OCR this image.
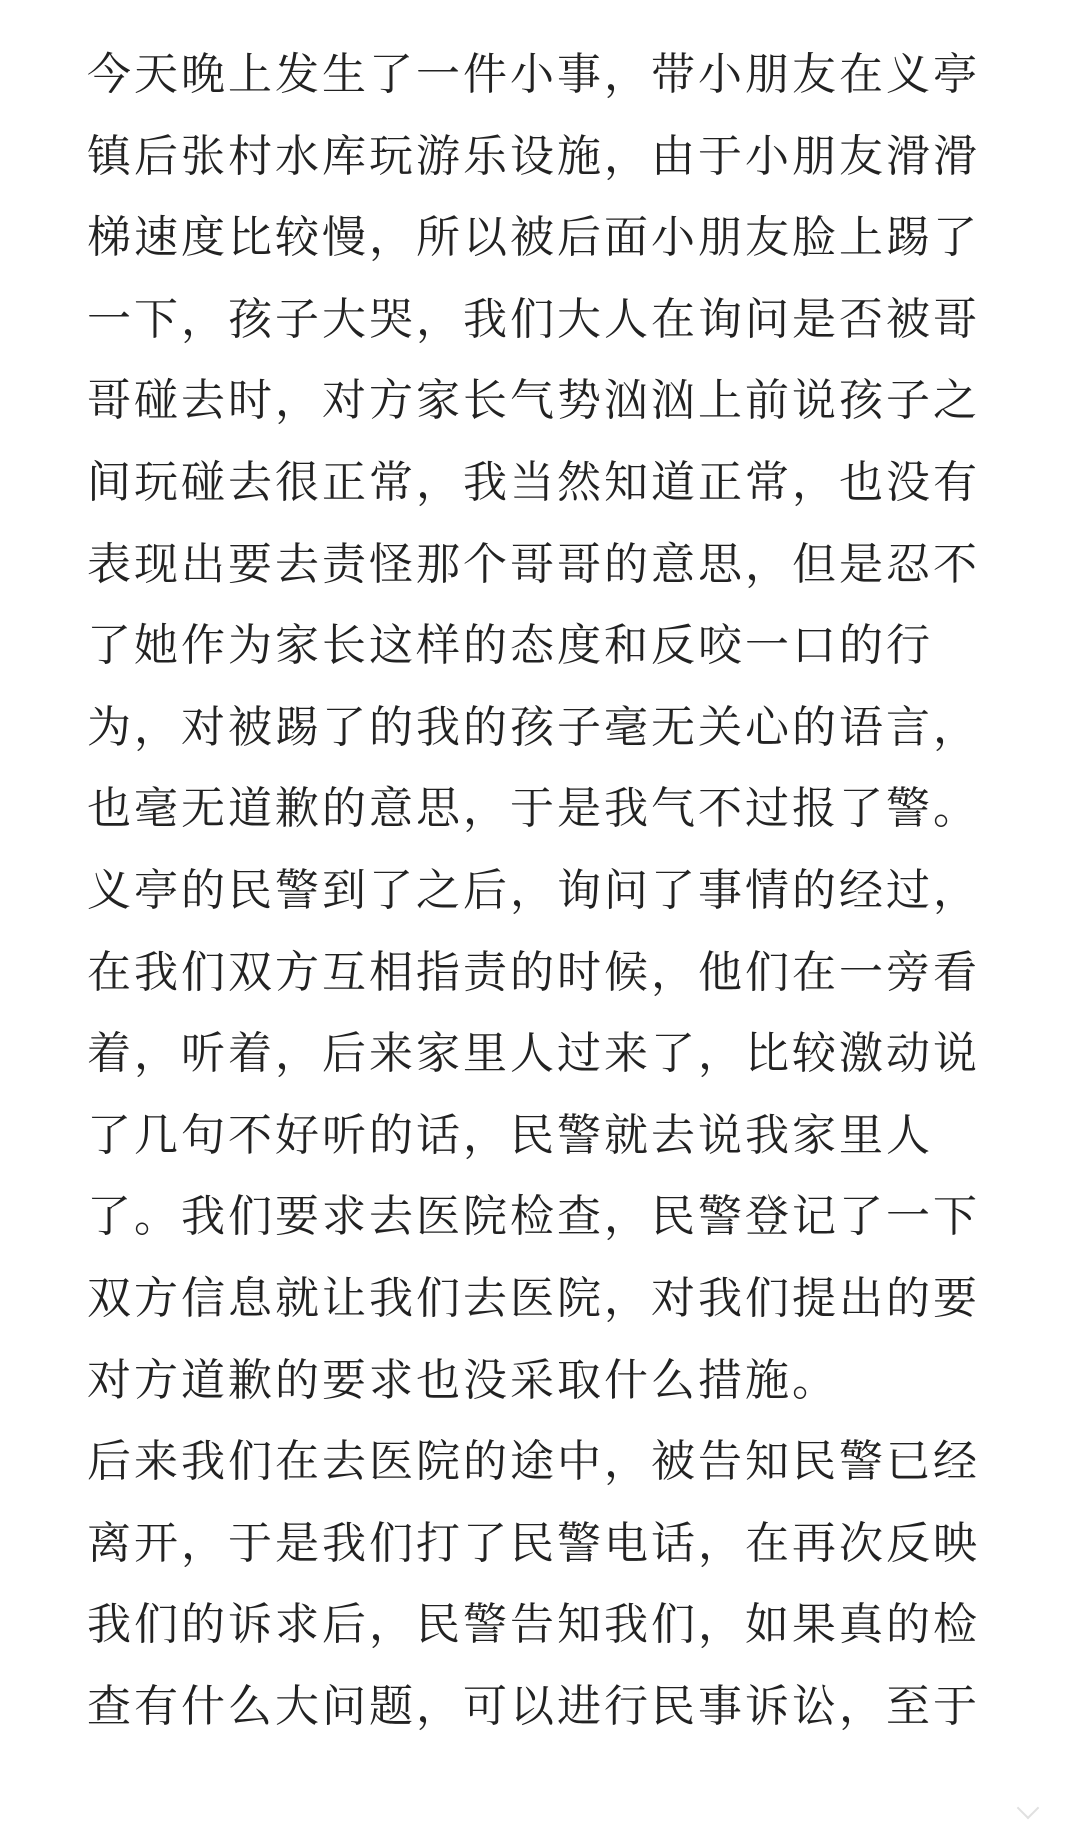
今天晚上发生了一件小事，带小朋友在义亭
镇后张村水库玩游乐设施，由于小朋友滑滑
梯速度比较慢，所以被后面小朋友脸上踢了
一下，孩子大哭，我们大人在询问是否被哥
哥碰去时，对方家长气势汹汹上前说孩子之
间玩碰去很正常，我当然知道正常，也没有
表现出要去责怪那个哥哥的意思，但是忍不
了她作为家长这样的态度和反咬一口的行
为，对被踢了的我的孩子毫无关心的语言，
也毫无道歉的意思，于是我气不过报了警。

义亭的民警到了之后，询问了事情的经过，
在我们双方互相指责的时候，他们在一旁看
着，听着，后来家里人过来了，比较激动说
了几句不好听的话，民警就去说我家里人
了。我们要求去医院检查，民警登记了一下
双方信息就让我们去医院，对我们提出的要
对方道歉的要求也没采取什么措施。

后来我们在去医院的途中，被告知民警已经
离开，于是我们打了民警电话，在再次反映
我们的诉求后，民警告知我们，如果真的检
查有什么大问题，可以进行民事诉讼，至于
